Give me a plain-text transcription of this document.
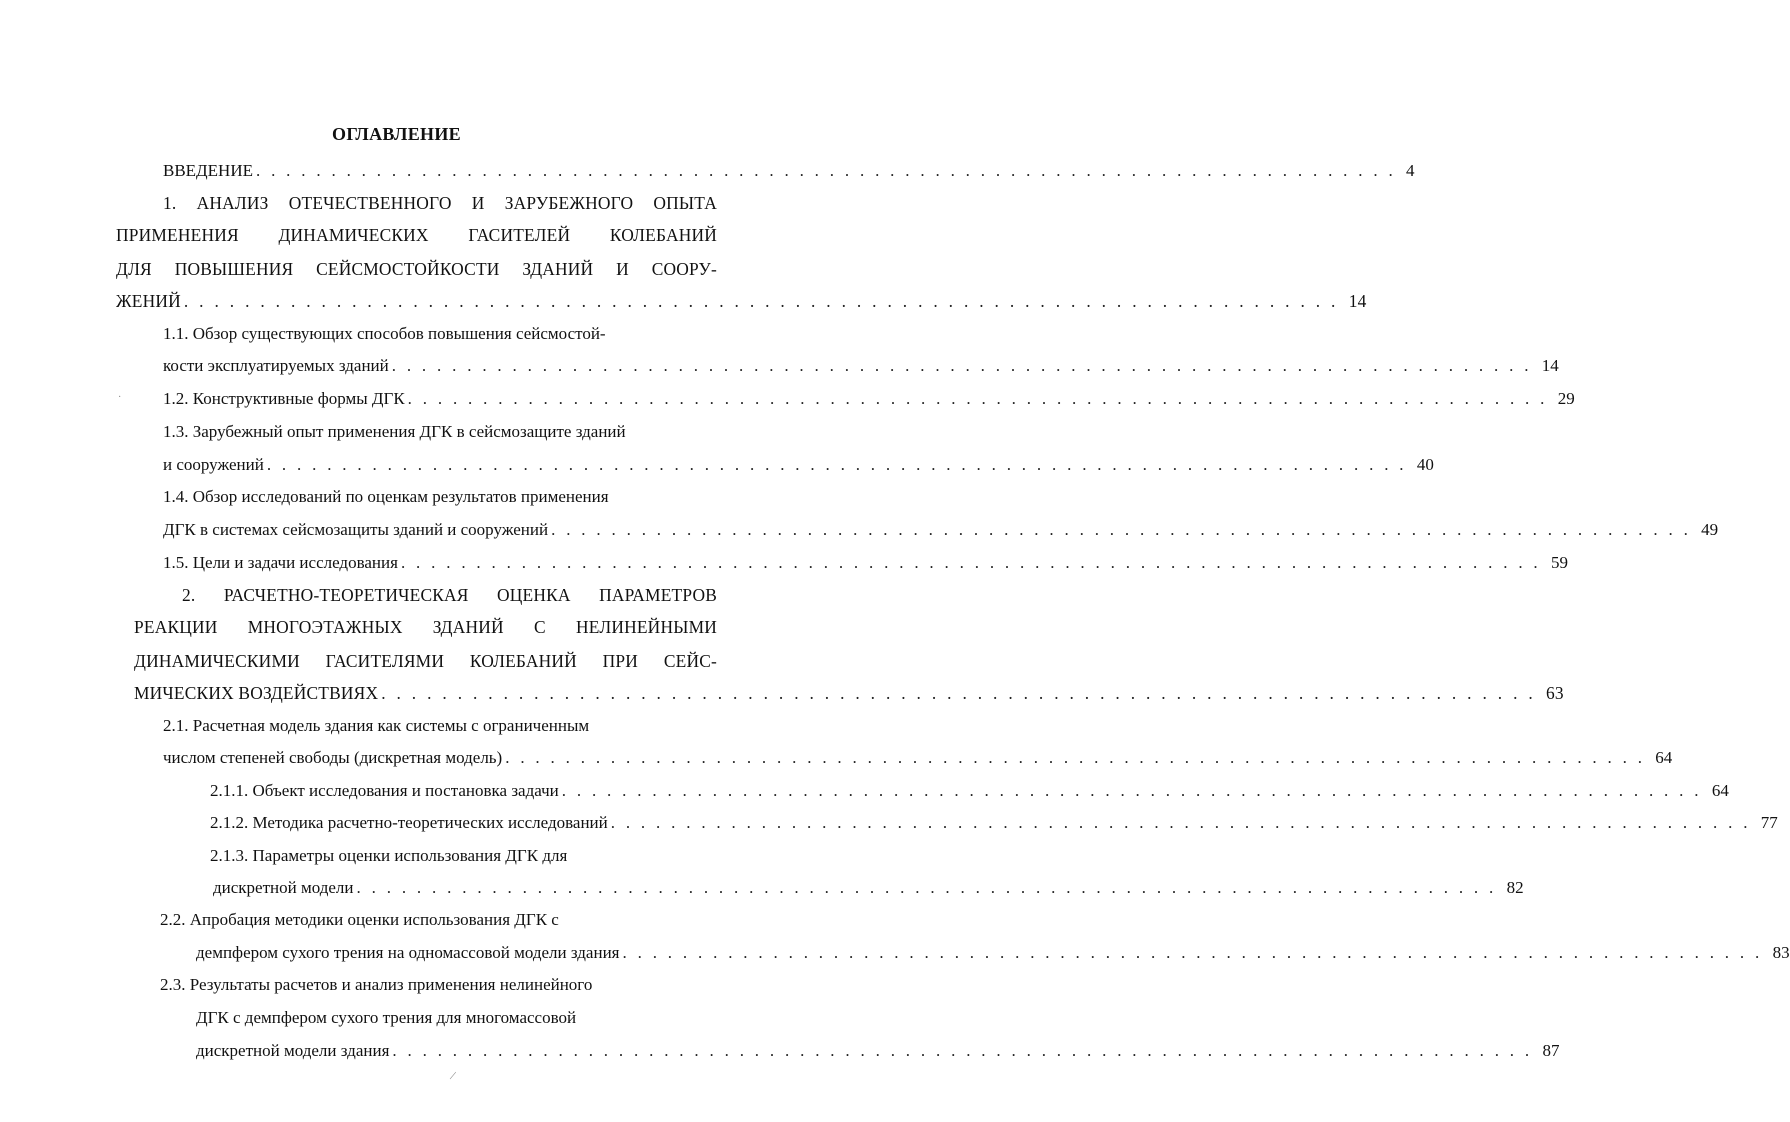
ОГЛАВЛЕНИЕ
ВВЕДЕНИЕ . . . . . . . . . . . . . . . . . . . . . . . . . . . . . . . . . . . . . . . . . . . . . . . . . . . . . . . . . . . . . . . . . . . . . . . . . . . . 4
1. АНАЛИЗ ОТЕЧЕСТВЕННОГО И ЗАРУБЕЖНОГО ОПЫТА
ПРИМЕНЕНИЯ ДИНАМИЧЕСКИХ ГАСИТЕЛЕЙ КОЛЕБАНИЙ
ДЛЯ ПОВЫШЕНИЯ СЕЙСМОСТОЙКОСТИ ЗДАНИЙ И СООРУ-
ЖЕНИЙ . . . . . . . . . . . . . . . . . . . . . . . . . . . . . . . . . . . . . . . . . . . . . . . . . . . . . . . . . . . . . . . . . . . . . . . . . . . . 14
1.1. Обзор существующих способов повышения сейсмостой-
кости эксплуатируемых зданий . . . . . . . . . . . . . . . . . . . . . . . . . . . . . . . . . . . . . . . . . . . . . . . . . . . . . . . . . . . . . . . . . . . . . . . . . . . . 14
1.2. Конструктивные формы ДГК . . . . . . . . . . . . . . . . . . . . . . . . . . . . . . . . . . . . . . . . . . . . . . . . . . . . . . . . . . . . . . . . . . . . . . . . . . . . 29
1.3. Зарубежный опыт применения ДГК в сейсмозащите зданий
и сооружений . . . . . . . . . . . . . . . . . . . . . . . . . . . . . . . . . . . . . . . . . . . . . . . . . . . . . . . . . . . . . . . . . . . . . . . . . . . . 40
1.4. Обзор исследований по оценкам результатов применения
ДГК в системах сейсмозащиты зданий и сооружений . . . . . . . . . . . . . . . . . . . . . . . . . . . . . . . . . . . . . . . . . . . . . . . . . . . . . . . . . . . . . . . . . . . . . . . . . . . . 49
1.5. Цели и задачи исследования . . . . . . . . . . . . . . . . . . . . . . . . . . . . . . . . . . . . . . . . . . . . . . . . . . . . . . . . . . . . . . . . . . . . . . . . . . . . 59
2. РАСЧЕТНО-ТЕОРЕТИЧЕСКАЯ ОЦЕНКА ПАРАМЕТРОВ
РЕАКЦИИ МНОГОЭТАЖНЫХ ЗДАНИЙ С НЕЛИНЕЙНЫМИ
ДИНАМИЧЕСКИМИ ГАСИТЕЛЯМИ КОЛЕБАНИЙ ПРИ СЕЙС-
МИЧЕСКИХ ВОЗДЕЙСТВИЯХ . . . . . . . . . . . . . . . . . . . . . . . . . . . . . . . . . . . . . . . . . . . . . . . . . . . . . . . . . . . . . . . . . . . . . . . . . . . . 63
2.1. Расчетная модель здания как системы с ограниченным
числом степеней свободы (дискретная модель) . . . . . . . . . . . . . . . . . . . . . . . . . . . . . . . . . . . . . . . . . . . . . . . . . . . . . . . . . . . . . . . . . . . . . . . . . . . . 64
2.1.1. Объект исследования и постановка задачи . . . . . . . . . . . . . . . . . . . . . . . . . . . . . . . . . . . . . . . . . . . . . . . . . . . . . . . . . . . . . . . . . . . . . . . . . . . . 64
2.1.2. Методика расчетно-теоретических исследований . . . . . . . . . . . . . . . . . . . . . . . . . . . . . . . . . . . . . . . . . . . . . . . . . . . . . . . . . . . . . . . . . . . . . . . . . . . . 77
2.1.3. Параметры оценки использования ДГК для
дискретной модели . . . . . . . . . . . . . . . . . . . . . . . . . . . . . . . . . . . . . . . . . . . . . . . . . . . . . . . . . . . . . . . . . . . . . . . . . . . . 82
2.2. Апробация методики оценки использования ДГК с
демпфером сухого трения на одномассовой модели здания . . . . . . . . . . . . . . . . . . . . . . . . . . . . . . . . . . . . . . . . . . . . . . . . . . . . . . . . . . . . . . . . . . . . . . . . . . . . 83
2.3. Результаты расчетов и анализ применения нелинейного
ДГК с демпфером сухого трения для многомассовой
дискретной модели здания . . . . . . . . . . . . . . . . . . . . . . . . . . . . . . . . . . . . . . . . . . . . . . . . . . . . . . . . . . . . . . . . . . . . . . . . . . . . 87
·
|
